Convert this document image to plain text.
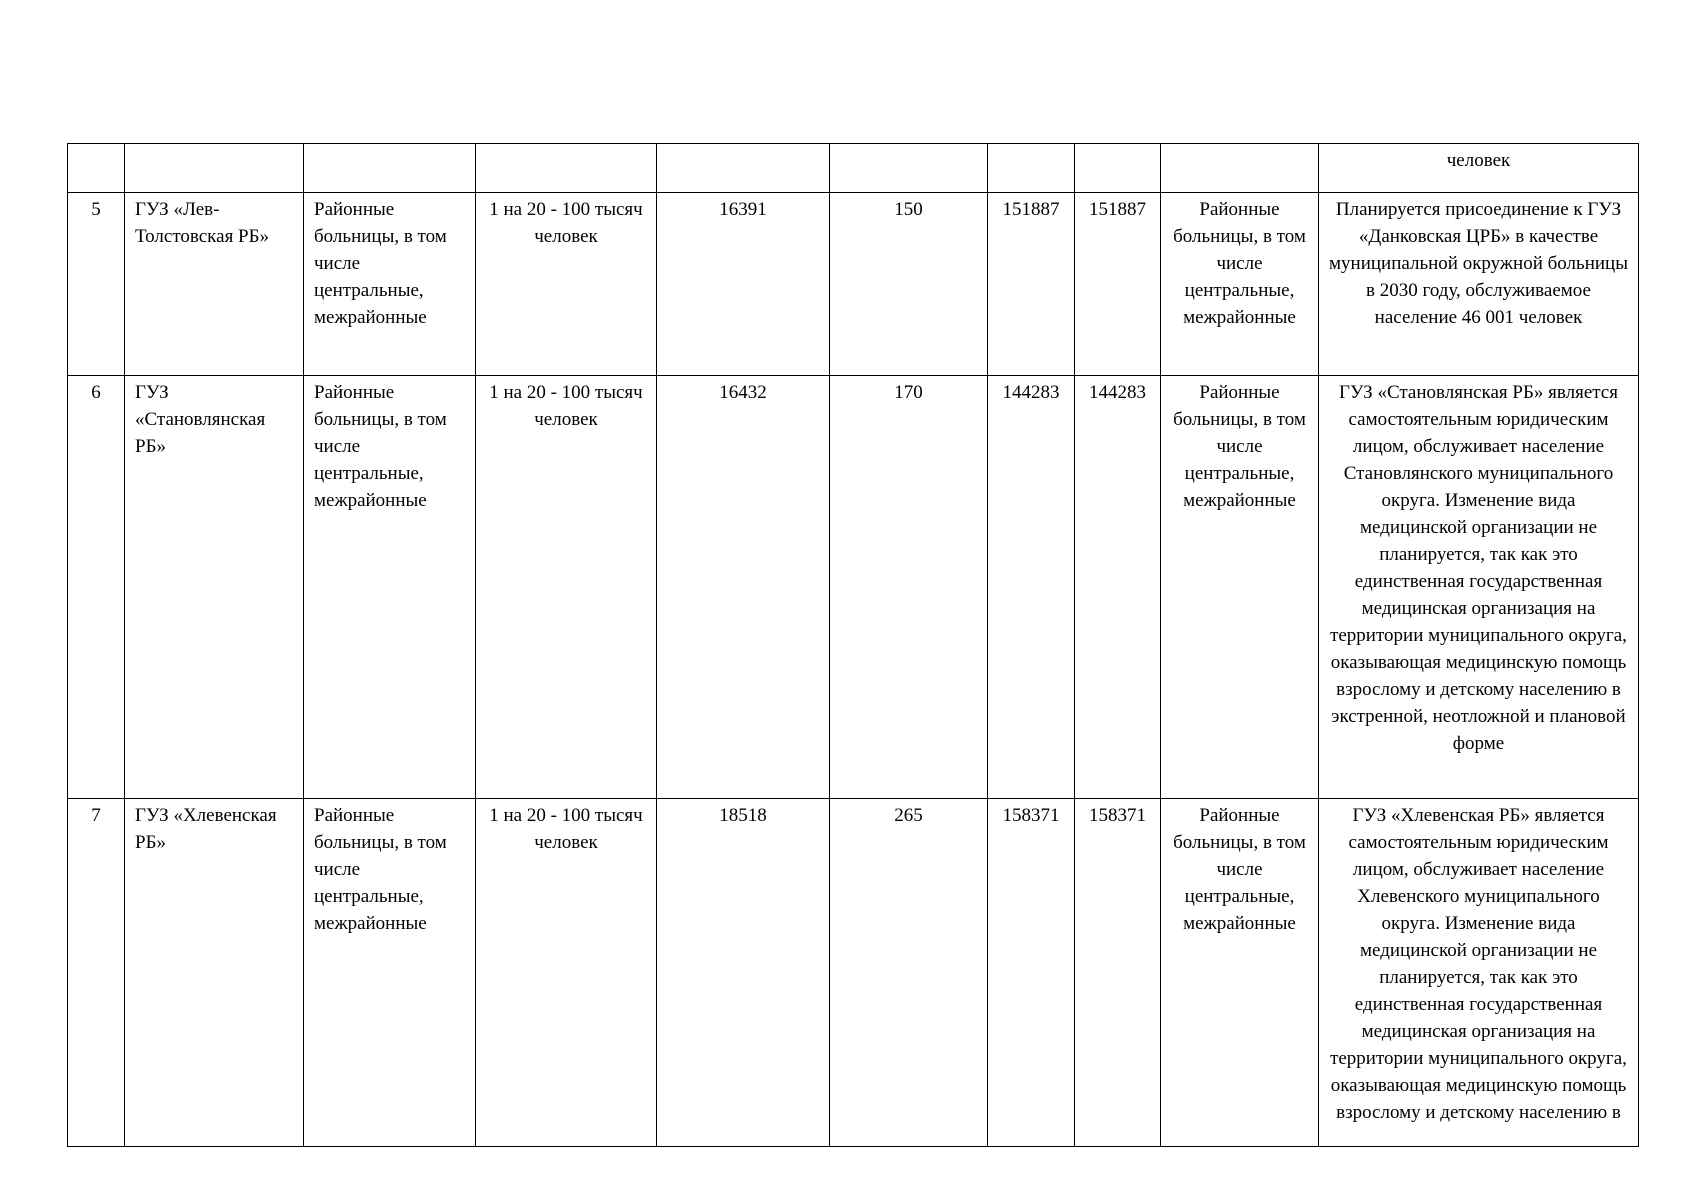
									человек
5	ГУЗ «Лев-Толстовская РБ»	Районные больницы, в том числе центральные, межрайонные	1 на 20 - 100 тысяч человек	16391	150	151887	151887	Районные больницы, в том числе центральные, межрайонные	Планируется присоединение к ГУЗ «Данковская ЦРБ» в качестве муниципальной окружной больницы в 2030 году, обслуживаемое население 46 001 человек
6	ГУЗ «Становлянская РБ»	Районные больницы, в том числе центральные, межрайонные	1 на 20 - 100 тысяч человек	16432	170	144283	144283	Районные больницы, в том числе центральные, межрайонные	ГУЗ «Становлянская РБ» является самостоятельным юридическим лицом, обслуживает население Становлянского муниципального округа. Изменение вида медицинской организации не планируется, так как это единственная государственная медицинская организация на территории муниципального округа, оказывающая медицинскую помощь взрослому и детскому населению в экстренной, неотложной и плановой форме
7	ГУЗ «Хлевенская РБ»	Районные больницы, в том числе центральные, межрайонные	1 на 20 - 100 тысяч человек	18518	265	158371	158371	Районные больницы, в том числе центральные, межрайонные	ГУЗ «Хлевенская РБ» является самостоятельным юридическим лицом, обслуживает население Хлевенского муниципального округа. Изменение вида медицинской организации не планируется, так как это единственная государственная медицинская организация на территории муниципального округа, оказывающая медицинскую помощь взрослому и детскому населению в
